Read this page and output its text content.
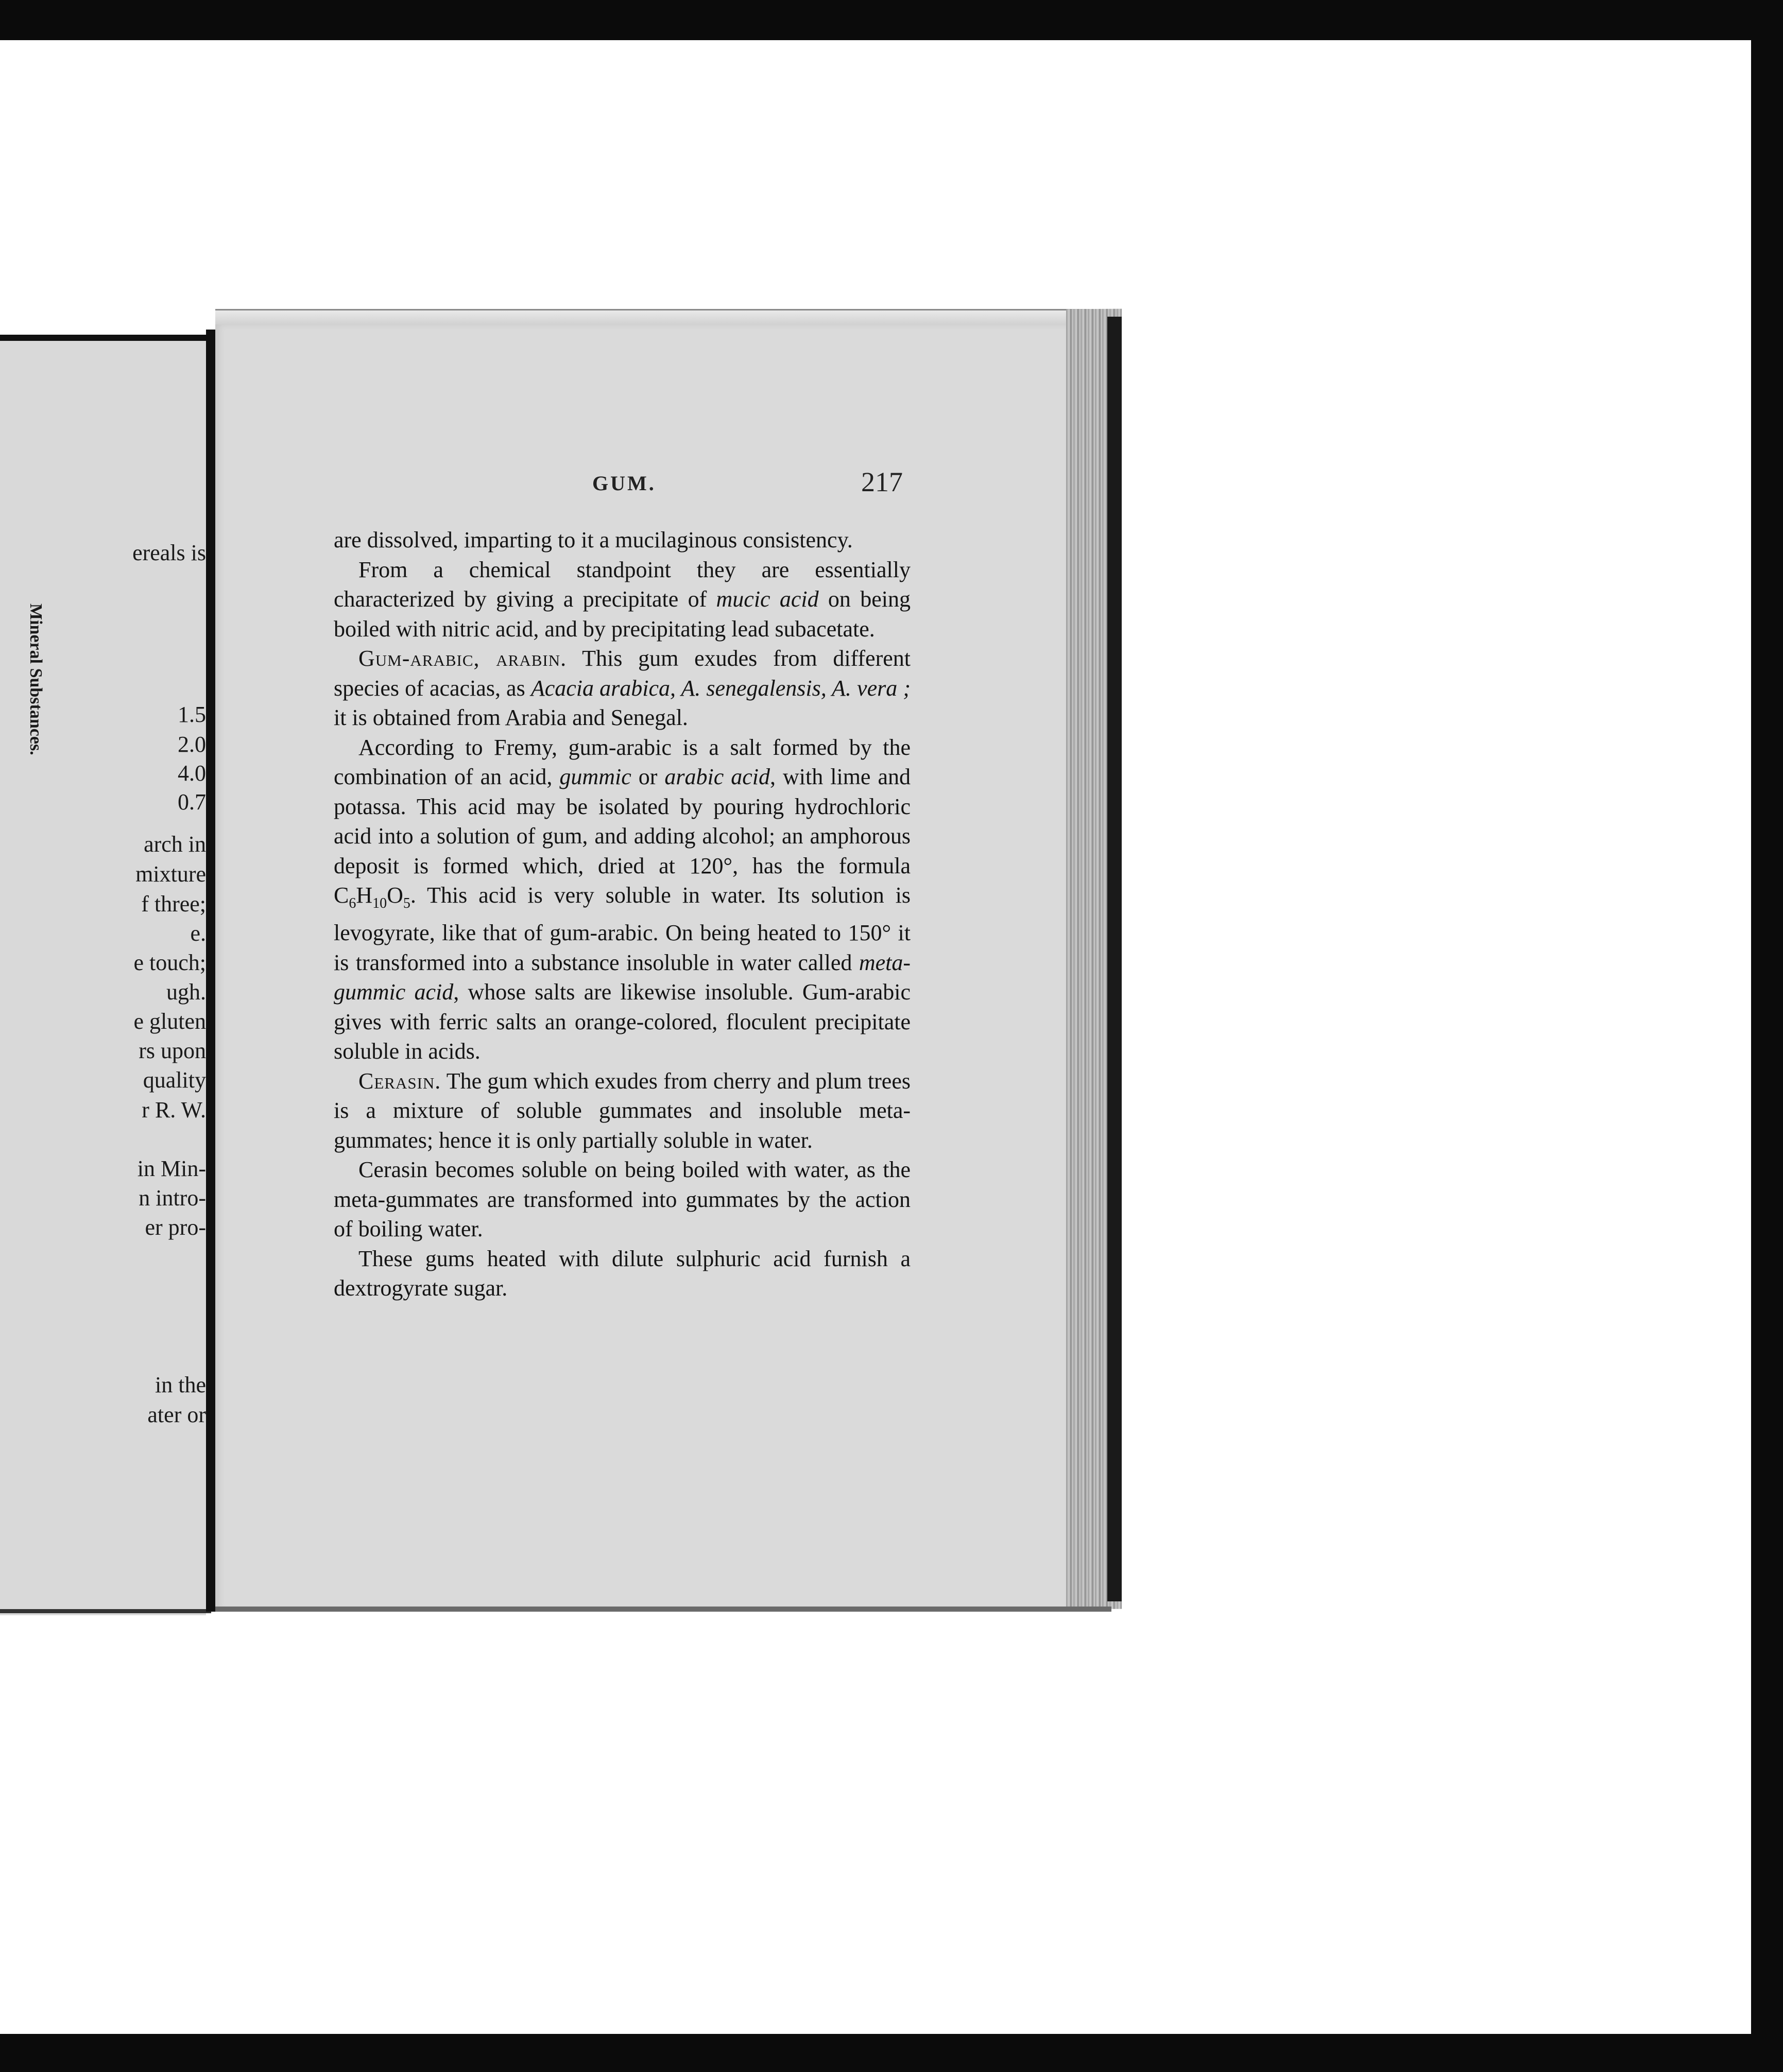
ereals is
Mineral Substances.	1.5
2.0
4.0
0.7
arch in
mixture
f three;
e.
e touch;
ugh.
e gluten
rs upon
quality
r R. W.
in Min-
n intro-
er pro-
in the
ater or
GUM.	217

are dissolved, imparting to it a mucilaginous consistency.

From a chemical standpoint they are essentially characterized by giving a precipitate of mucic acid on being boiled with nitric acid, and by precipitating lead subacetate.

Gum-arabic, arabin. This gum exudes from different species of acacias, as Acacia arabica, A. senegalensis, A. vera ; it is obtained from Arabia and Senegal.

According to Fremy, gum-arabic is a salt formed by the combination of an acid, gummic or arabic acid, with lime and potassa. This acid may be isolated by pouring hydrochloric acid into a solution of gum, and adding alcohol; an amphorous deposit is formed which, dried at 120°, has the formula $C_6H_{10}O_5$. This acid is very soluble in water. Its solution is levogyrate, like that of gum-arabic. On being heated to 150° it is transformed into a substance insoluble in water called meta-gummic acid, whose salts are likewise insoluble. Gum-arabic gives with ferric salts an orange-colored, floculent precipitate soluble in acids.

Cerasin. The gum which exudes from cherry and plum trees is a mixture of soluble gummates and insoluble meta-gummates; hence it is only partially soluble in water.

Cerasin becomes soluble on being boiled with water, as the meta-gummates are transformed into gummates by the action of boiling water.

These gums heated with dilute sulphuric acid furnish a dextrogyrate sugar.
